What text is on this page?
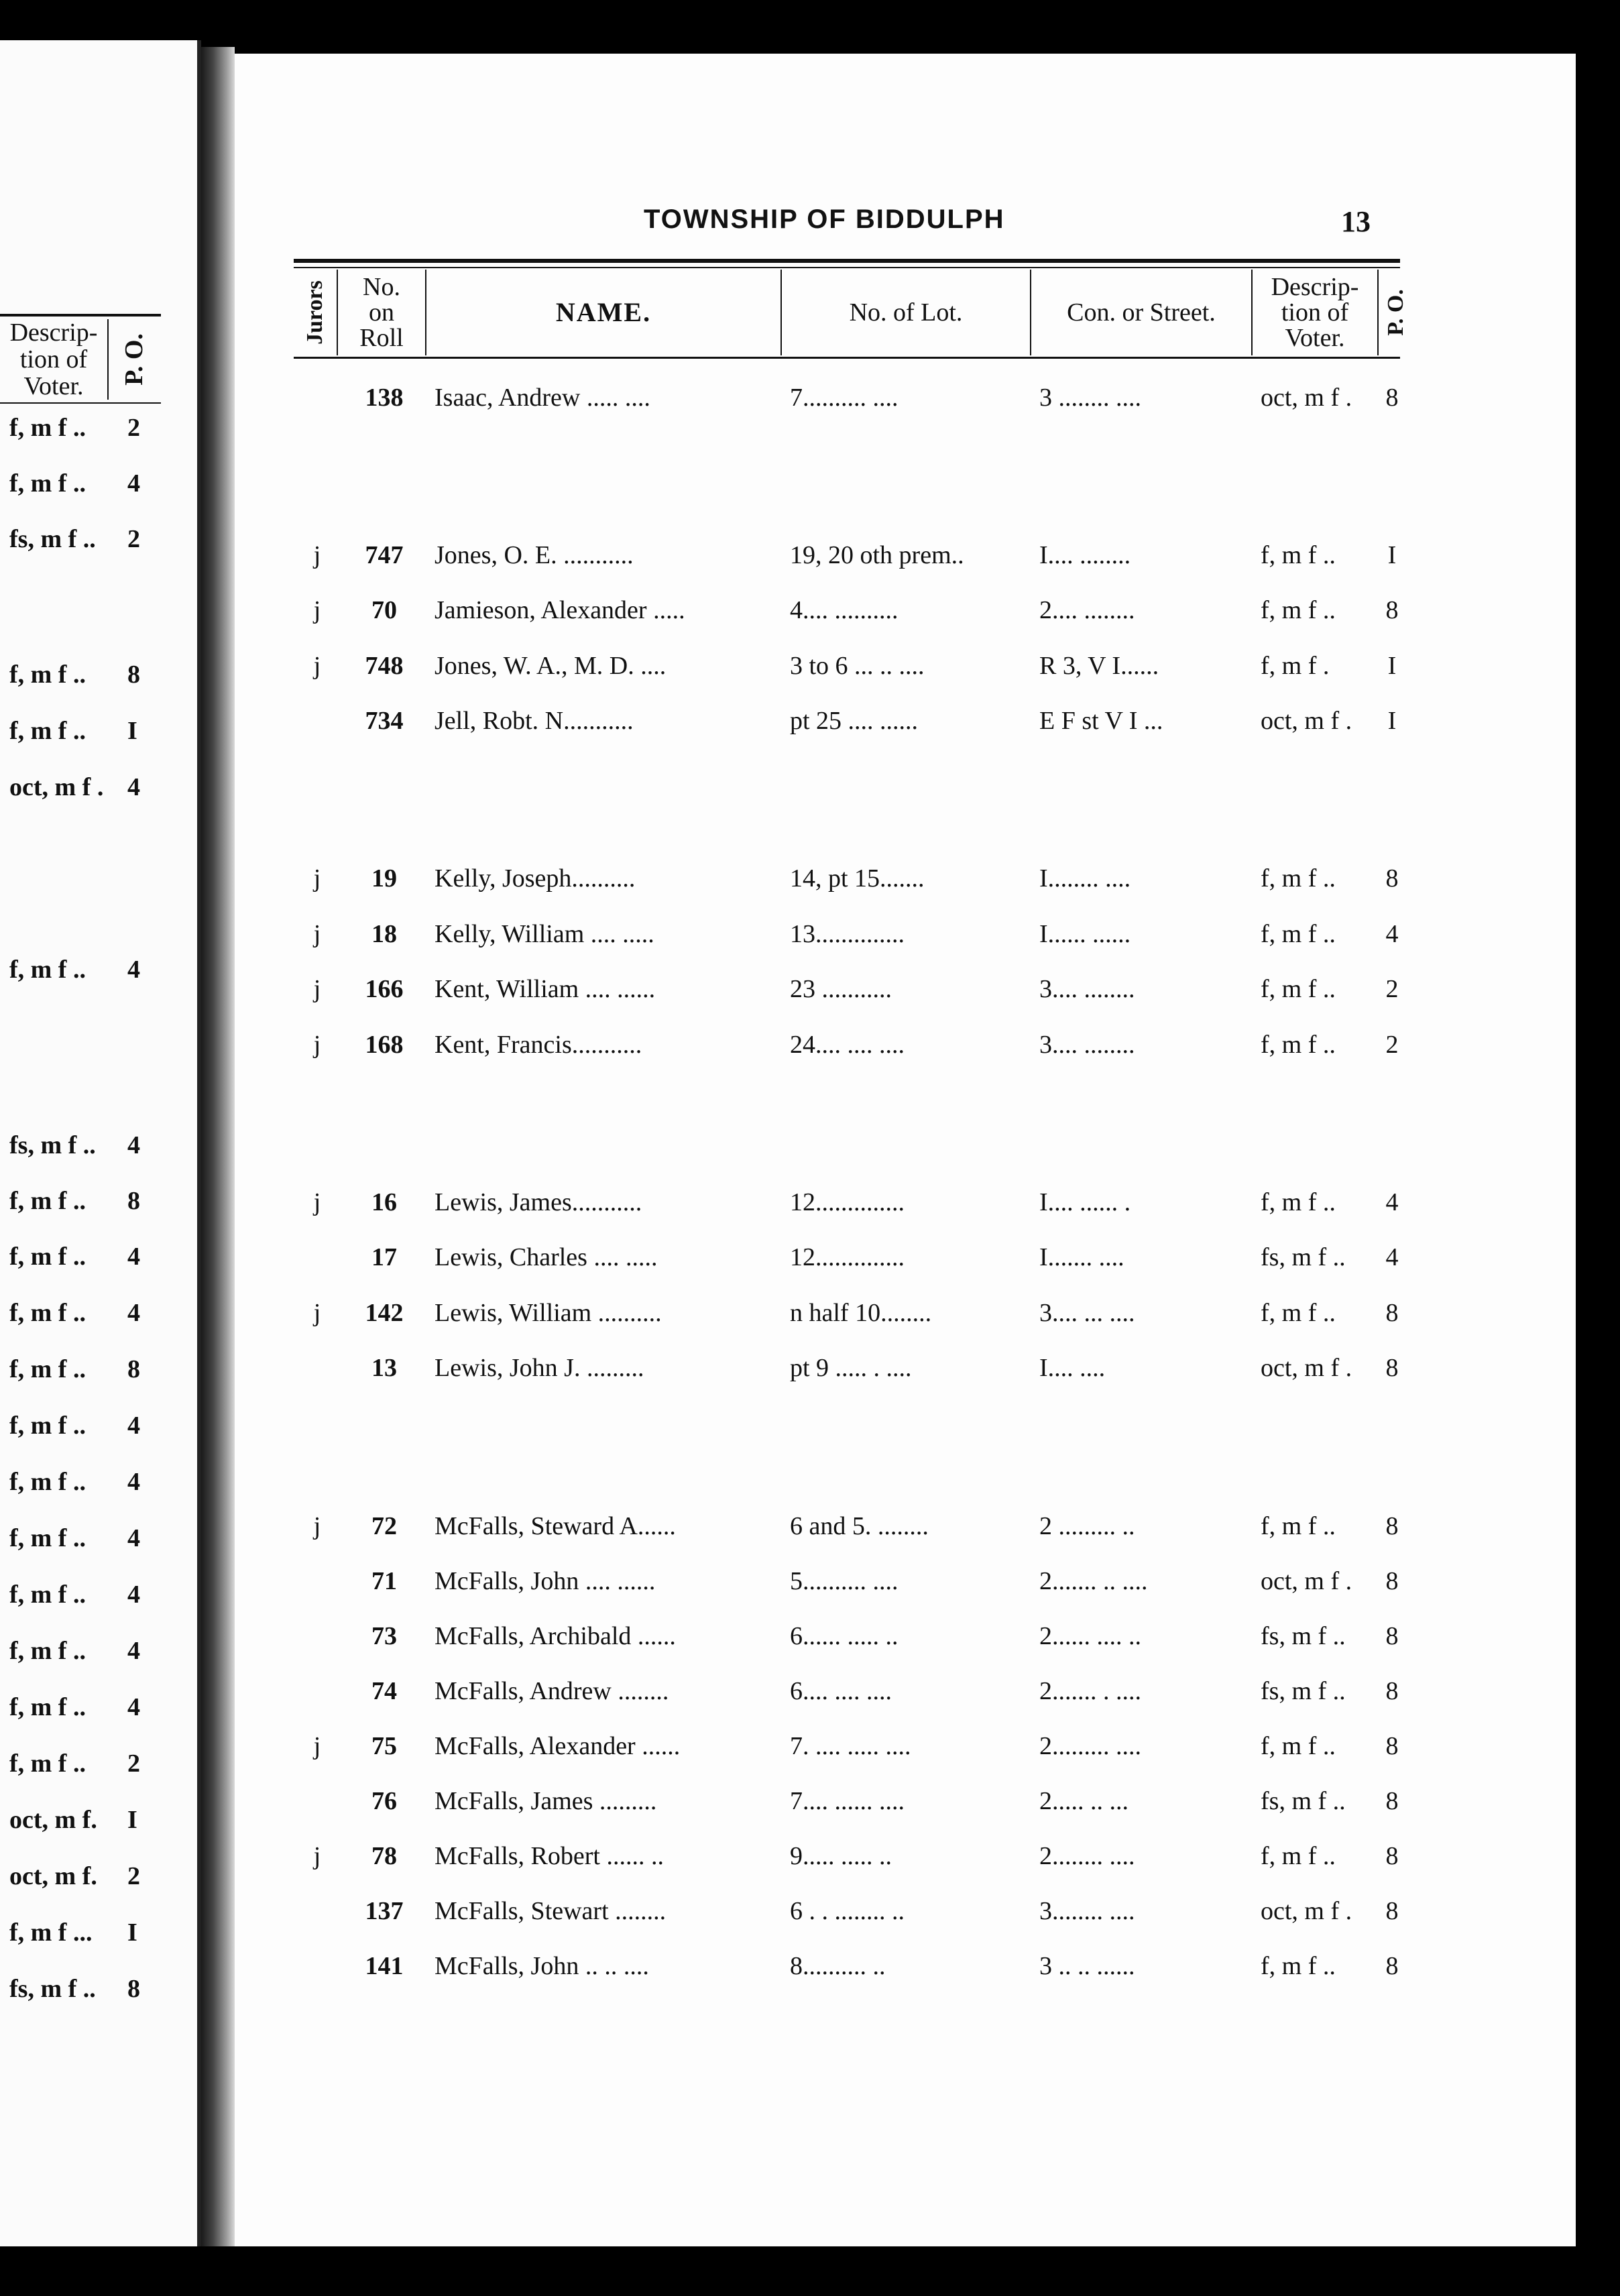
Descrip- tion of Voter.
P. O.
f, m f .. 2
f, m f .. 4
fs, m f .. 2
f, m f .. 8
f, m f .. I
oct, m f . 4
f, m f .. 4
fs, m f .. 4
f, m f .. 8
f, m f .. 4
f, m f .. 4
f, m f .. 8
f, m f .. 4
f, m f .. 4
f, m f .. 4
f, m f .. 4
f, m f .. 4
f, m f .. 4
f, m f .. 2
oct, m f. I
oct, m f. 2
f, m f ... I
fs, m f .. 8
TOWNSHIP OF BIDDULPH	13
Jurors No.
on
Roll
NAME.	No. of Lot.	Con. or Street.
Descrip-
tion of
Voter.
P. O.
138	Isaac, Andrew ..... ....	7.......... ....	3 ........ ....	oct, m f .	8
j	747	Jones, O. E. ...........	19, 20 oth prem..	I.... ........	f, m f ..	I
j	70	Jamieson, Alexander .....	4.... ..........	2.... ........	f, m f ..	8
j	748	Jones, W. A., M. D. ....	3 to 6 ... .. ....	R 3, V I......	f, m f .	I
734	Jell, Robt. N...........	pt 25 .... ......	E F st V I ...	oct, m f .	I
j	19	Kelly, Joseph..........	14, pt 15.......	I........ ....	f, m f ..	8
j	18	Kelly, William .... .....	13..............	I...... ......	f, m f ..	4
j	166	Kent, William .... ......	23 ...........	3.... ........	f, m f ..	2
j	168	Kent, Francis...........	24.... .... ....	3.... ........	f, m f ..	2
j	16	Lewis, James...........	12..............	I.... ...... .	f, m f ..	4
17	Lewis, Charles .... .....	12..............	I....... ....	fs, m f ..	4
j	142	Lewis, William ..........	n half 10........	3.... ... ....	f, m f ..	8
13	Lewis, John J. .........	pt 9 ..... . ....	I.... ....	oct, m f .	8
j	72	McFalls, Steward A......	6 and 5. ........	2 ......... ..	f, m f ..	8
71	McFalls, John .... ......	5.......... ....	2....... .. ....	oct, m f .	8
73	McFalls, Archibald ......	6...... ..... ..	2...... .... ..	fs, m f ..	8
74	McFalls, Andrew ........	6.... .... ....	2....... . ....	fs, m f ..	8
j	75	McFalls, Alexander ......	7. .... ..... ....	2......... ....	f, m f ..	8
76	McFalls, James .........	7.... ...... ....	2..... .. ...	fs, m f ..	8
j	78	McFalls, Robert ...... ..	9..... ..... ..	2........ ....	f, m f ..	8
137	McFalls, Stewart ........	6 . . ........ ..	3........ ....	oct, m f .	8
141	McFalls, John .. .. ....	8.......... ..	3 .. .. ......	f, m f ..	8
